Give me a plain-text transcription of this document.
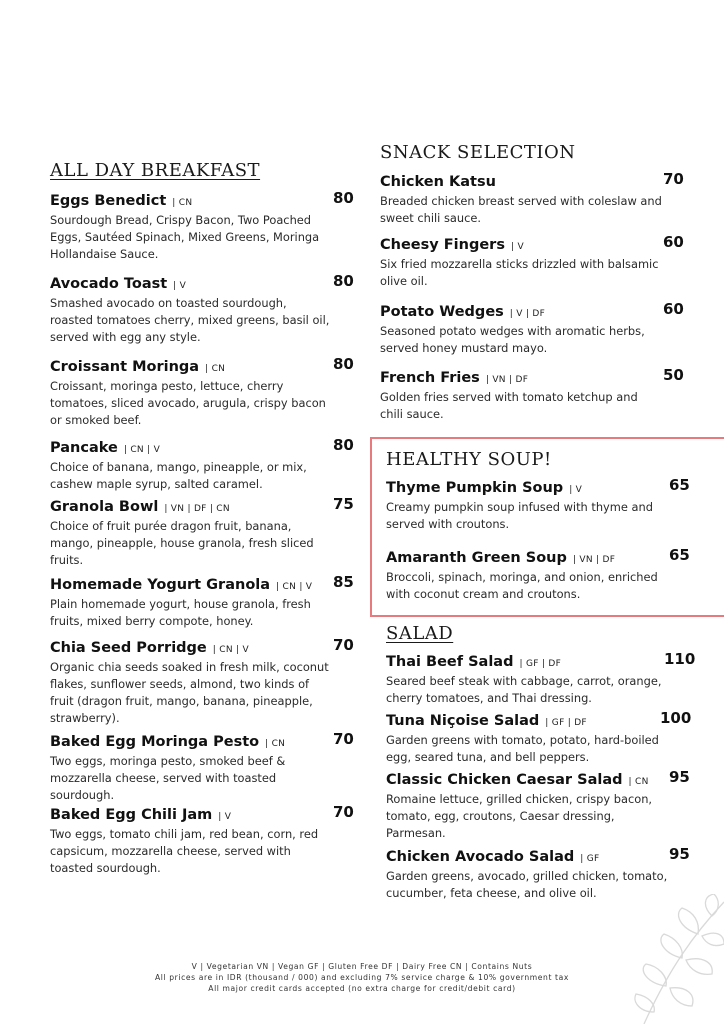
ALL DAY BREAKFAST
Eggs Benedict | CN	80
Sourdough Bread, Crispy Bacon, Two Poached Eggs, Sautéed Spinach, Mixed Greens, Moringa Hollandaise Sauce.
Avocado Toast | V	80
Smashed avocado on toasted sourdough, roasted tomatoes cherry, mixed greens, basil oil, served with egg any style.
Croissant Moringa | CN	80
Croissant, moringa pesto, lettuce, cherry tomatoes, sliced avocado, arugula, crispy bacon or smoked beef.
Pancake | CN | V	80
Choice of banana, mango, pineapple, or mix, cashew maple syrup, salted caramel.
Granola Bowl | VN | DF | CN	75
Choice of fruit purée dragon fruit, banana, mango, pineapple, house granola, fresh sliced fruits.
Homemade Yogurt Granola | CN | V 85
Plain homemade yogurt, house granola, fresh fruits, mixed berry compote, honey.
Chia Seed Porridge | CN | V	70
Organic chia seeds soaked in fresh milk, coconut flakes, sunflower seeds, almond, two kinds of fruit (dragon fruit, mango, banana, pineapple, strawberry).
Baked Egg Moringa Pesto | CN	70
Two eggs, moringa pesto, smoked beef & mozzarella cheese, served with toasted sourdough.
Baked Egg Chili Jam | V	70
Two eggs, tomato chili jam, red bean, corn, red capsicum, mozzarella cheese, served with toasted sourdough.
SNACK SELECTION
Chicken Katsu	70
Breaded chicken breast served with coleslaw and sweet chili sauce.
Cheesy Fingers | V	60
Six fried mozzarella sticks drizzled with balsamic olive oil.
Potato Wedges | V | DF	60
Seasoned potato wedges with aromatic herbs, served honey mustard mayo.
French Fries | VN | DF	50
Golden fries served with tomato ketchup and chili sauce.
HEALTHY SOUP!
Thyme Pumpkin Soup | V	65
Creamy pumpkin soup infused with thyme and served with croutons.
Amaranth Green Soup | VN | DF	65
Broccoli, spinach, moringa, and onion, enriched with coconut cream and croutons.
SALAD
Thai Beef Salad | GF | DF	110
Seared beef steak with cabbage, carrot, orange, cherry tomatoes, and Thai dressing.
Tuna Niçoise Salad | GF | DF	100
Garden greens with tomato, potato, hard-boiled egg, seared tuna, and bell peppers.
Classic Chicken Caesar Salad | CN 95
Romaine lettuce, grilled chicken, crispy bacon, tomato, egg, croutons, Caesar dressing, Parmesan.
Chicken Avocado Salad | GF	95
Garden greens, avocado, grilled chicken, tomato, cucumber, feta cheese, and olive oil.
V | Vegetarian VN | Vegan GF | Gluten Free DF | Dairy Free CN | Contains Nuts
All prices are in IDR (thousand / 000) and excluding 7% service charge & 10% government tax
All major credit cards accepted (no extra charge for credit/debit card)
